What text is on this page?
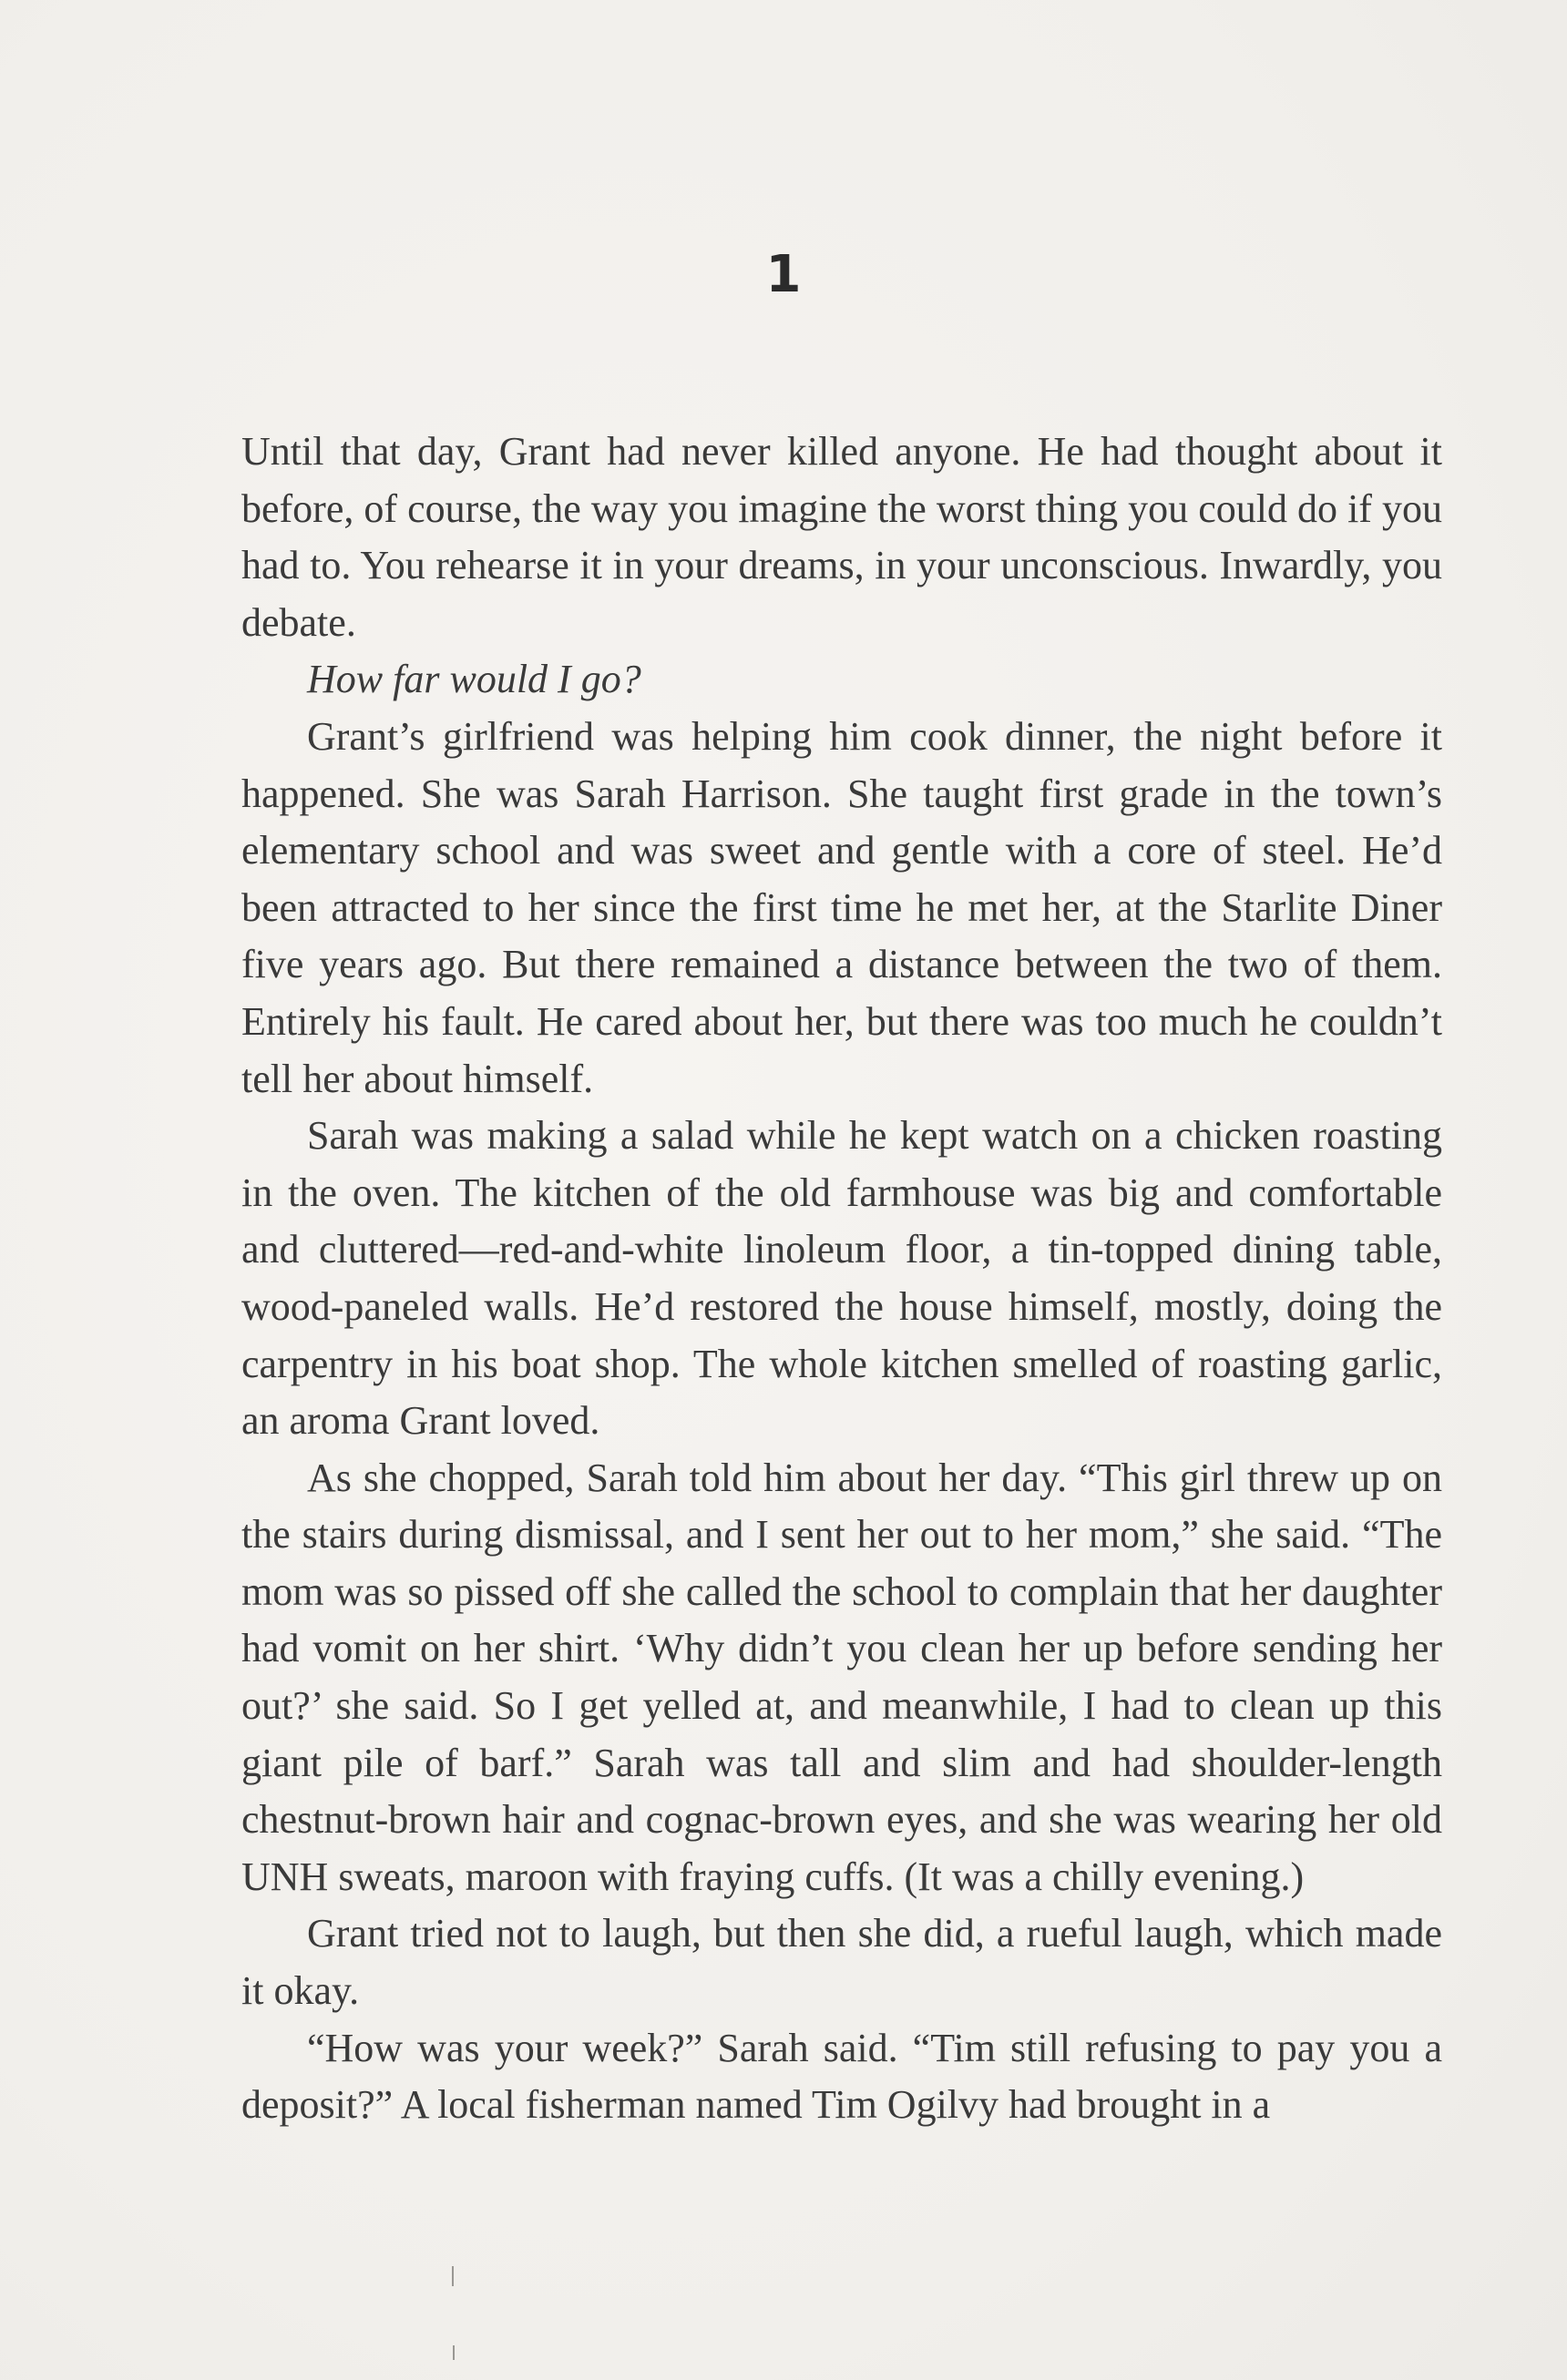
1

Until that day, Grant had never killed anyone. He had thought about it before, of course, the way you imagine the worst thing you could do if you had to. You rehearse it in your dreams, in your unconscious. Inwardly, you debate.

How far would I go?

Grant’s girlfriend was helping him cook dinner, the night before it happened. She was Sarah Harrison. She taught first grade in the town’s elementary school and was sweet and gentle with a core of steel. He’d been attracted to her since the first time he met her, at the Starlite Diner five years ago. But there remained a distance between the two of them. Entirely his fault. He cared about her, but there was too much he couldn’t tell her about himself.

Sarah was making a salad while he kept watch on a chicken roasting in the oven. The kitchen of the old farmhouse was big and comfortable and cluttered—red-and-white linoleum floor, a tin-topped dining table, wood-paneled walls. He’d restored the house himself, mostly, doing the carpentry in his boat shop. The whole kitchen smelled of roasting garlic, an aroma Grant loved.

As she chopped, Sarah told him about her day. “This girl threw up on the stairs during dismissal, and I sent her out to her mom,” she said. “The mom was so pissed off she called the school to complain that her daughter had vomit on her shirt. ‘Why didn’t you clean her up before sending her out?’ she said. So I get yelled at, and meanwhile, I had to clean up this giant pile of barf.” Sarah was tall and slim and had shoulder-length chestnut-brown hair and cognac-brown eyes, and she was wearing her old UNH sweats, maroon with fraying cuffs. (It was a chilly evening.)

Grant tried not to laugh, but then she did, a rueful laugh, which made it okay.

“How was your week?” Sarah said. “Tim still refusing to pay you a deposit?” A local fisherman named Tim Ogilvy had brought in a
